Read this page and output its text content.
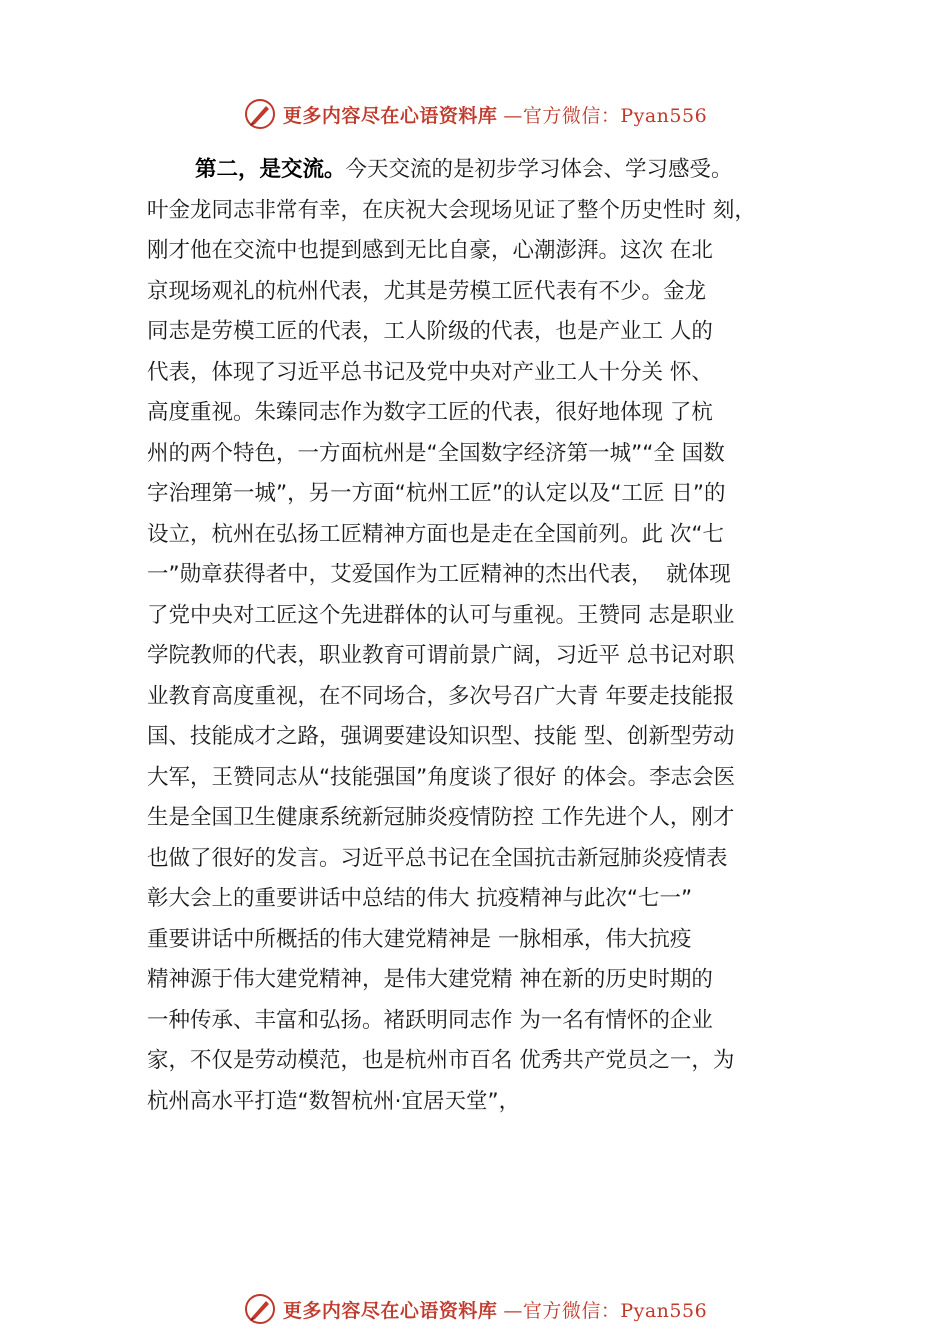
更多内容尽在心语资料库 —官方微信：Pyan556
第二，是交流。今天交流的是初步学习体会、学习感受。
叶金龙同志非常有幸，在庆祝大会现场见证了整个历史性时 刻，
刚才他在交流中也提到感到无比自豪，心潮澎湃。这次 在北
京现场观礼的杭州代表，尤其是劳模工匠代表有不少。金龙
同志是劳模工匠的代表，工人阶级的代表，也是产业工 人的
代表，体现了习近平总书记及党中央对产业工人十分关 怀、
高度重视。朱臻同志作为数字工匠的代表，很好地体现 了杭
州的两个特色，一方面杭州是“全国数字经济第一城”“全 国数
字治理第一城”，另一方面“杭州工匠”的认定以及“工匠 日”的
设立，杭州在弘扬工匠精神方面也是走在全国前列。此 次“七
一”勋章获得者中，艾爱国作为工匠精神的杰出代表，  就体现
了党中央对工匠这个先进群体的认可与重视。王赞同 志是职业
学院教师的代表，职业教育可谓前景广阔，习近平 总书记对职
业教育高度重视，在不同场合，多次号召广大青 年要走技能报
国、技能成才之路，强调要建设知识型、技能 型、创新型劳动
大军，王赞同志从“技能强国”角度谈了很好 的体会。李志会医
生是全国卫生健康系统新冠肺炎疫情防控 工作先进个人，刚才
也做了很好的发言。习近平总书记在全国抗击新冠肺炎疫情表
彰大会上的重要讲话中总结的伟大 抗疫精神与此次“七一”
重要讲话中所概括的伟大建党精神是 一脉相承，伟大抗疫
精神源于伟大建党精神，是伟大建党精 神在新的历史时期的
一种传承、丰富和弘扬。褚跃明同志作 为一名有情怀的企业
家，不仅是劳动模范，也是杭州市百名 优秀共产党员之一，为
杭州高水平打造“数智杭州·宜居天堂”，
更多内容尽在心语资料库 —官方微信：Pyan556
